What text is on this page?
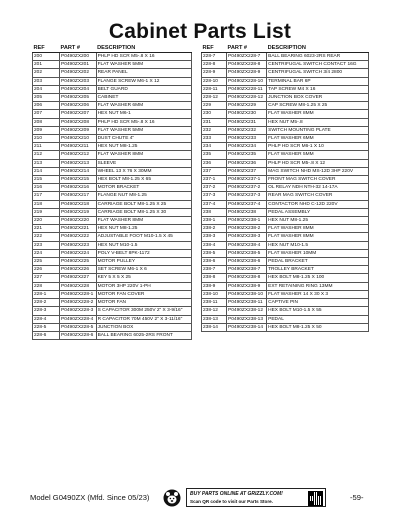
Cabinet Parts List
REF	PART #	DESCRIPTION
200	P0490ZX200	PHLP HD SCR M5-.8 X 16
201	P0490ZX201	FLAT WASHER 5MM
202	P0490ZX202	REAR PANEL
203	P0490ZX203	FLANGE SCREW M6-1 X 12
204	P0490ZX204	BELT GUARD
205	P0490ZX205	CABINET
206	P0490ZX206	FLAT WASHER 6MM
207	P0490ZX207	HEX NUT M6-1
208	P0490ZX208	PHLP HD SCR M5-.8 X 16
209	P0490ZX209	FLAT WASHER 5MM
210	P0490ZX210	DUST CHUTE 4"
211	P0490ZX211	HEX NUT M8-1.25
212	P0490ZX212	FLAT WASHER 8MM
213	P0490ZX213	SLEEVE
214	P0490ZX214	WHEEL 13 X 76 X 30MM
215	P0490ZX215	HEX BOLT M8-1.25 X 65
216	P0490ZX216	MOTOR BRACKET
217	P0490ZX217	FLANGE NUT M8-1.25
218	P0490ZX218	CARRIAGE BOLT M8-1.25 X 25
219	P0490ZX219	CARRIAGE BOLT M8-1.25 X 30
220	P0490ZX220	FLAT WASHER 8MM
221	P0490ZX221	HEX NUT M8-1.25
222	P0490ZX222	ADJUSTABLE FOOT M10-1.5 X 45
223	P0490ZX223	HEX NUT M10-1.5
224	P0490ZX224	POLY V-BELT 8PK-1172
225	P0490ZX225	MOTOR PULLEY
226	P0490ZX226	SET SCREW M6-1 X 6
227	P0490ZX227	KEY 5 X 5 X 25
228	P0490ZX228	MOTOR 3HP 220V 1-PH
228-1	P0490ZX228-1	MOTOR FAN COVER
228-2	P0490ZX228-2	MOTOR FAN
228-3	P0490ZX228-3	S CAPACITOR 300M 250V 2" X 3-9/16"
228-4	P0490ZX228-4	R CAPACITOR 70M 450V 2" X 3-11/16"
228-5	P0490ZX228-5	JUNCTION BOX
228-6	P0490ZX228-6	BALL BEARING 6025-2RS FRONT
REF	PART #	DESCRIPTION
228-7	P0490ZX228-7	BALL BEARING 6023-2RS REAR
228-8	P0490ZX228-8	CENTRIFUGAL SWITCH CONTACT 16G
228-9	P0490ZX228-9	CENTRIFUGAL SWITCH 3/4 2800
228-10	P0490ZX228-10	TERMINAL BAR 6P
228-11	P0490ZX228-11	TAP SCREW M4 X 16
228-12	P0490ZX228-12	JUNCTION BOX COVER
229	P0490ZX229	CAP SCREW M8-1.25 X 25
230	P0490ZX230	FLAT WASHER 8MM
231	P0490ZX231	HEX NUT M5-.8
232	P0490ZX232	SWITCH MOUNTING PLATE
233	P0490ZX233	FLAT WASHER 6MM
234	P0490ZX234	PHLP HD SCR M6-1 X 10
235	P0490ZX235	FLAT WASHER 5MM
236	P0490ZX236	PHLP HD SCR M5-.8 X 12
237	P0490ZX237	MAG SWITCH NHD MS-12D 3HP 220V
237-1	P0490ZX237-1	FRONT MAG SWITCH COVER
237-2	P0490ZX237-2	OL RELAY NDH NTH-32 14-17A
237-3	P0490ZX237-3	REAR MAG SWITCH COVER
237-4	P0490ZX237-4	CONTACTOR NHD C-12D 220V
238	P0490ZX238	PEDAL ASSEMBLY
238-1	P0490ZX238-1	HEX NUT M8-1.25
238-2	P0490ZX238-2	FLAT WASHER 8MM
238-3	P0490ZX238-3	FLAT WASHER 8MM
238-4	P0490ZX238-4	HEX NUT M10-1.5
238-5	P0490ZX238-5	FLAT WASHER 10MM
238-6	P0490ZX238-6	PEDAL BRACKET
238-7	P0490ZX238-7	TROLLEY BRACKET
238-8	P0490ZX238-8	HEX BOLT M8-1.25 X 100
238-9	P0490ZX238-9	EXT RETAINING RING 13MM
238-10	P0490ZX238-10	FLAT WASHER 14 X 30 X 3
238-11	P0490ZX238-11	CAPTIVE PIN
238-12	P0490ZX238-12	HEX BOLT M10-1.5 X 55
238-13	P0490ZX238-13	PEDAL
238-14	P0490ZX238-14	HEX BOLT M8-1.25 X 50
Model G0490ZX (Mfd. Since 05/23)	BUY PARTS ONLINE AT GRIZZLY.COM!
Scan QR code to visit our Parts Store.	-59-
